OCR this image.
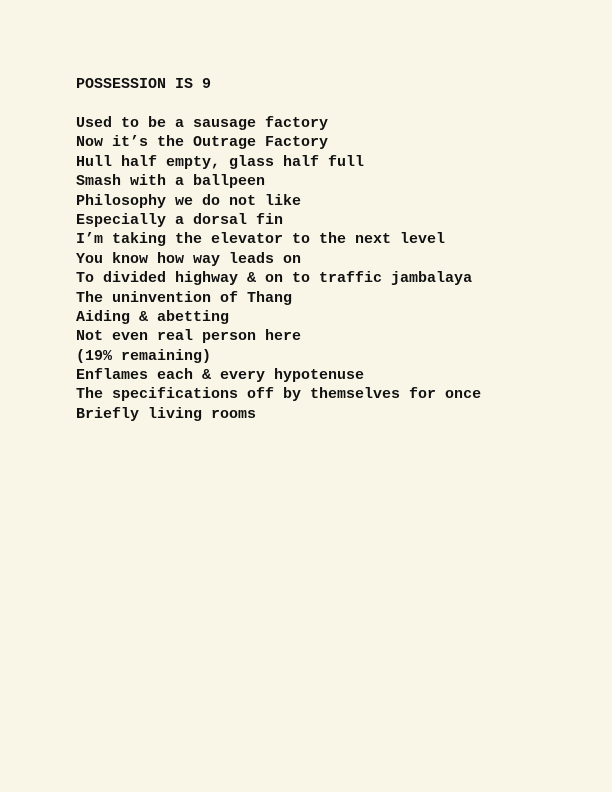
POSSESSION IS 9
Used to be a sausage factory
Now it’s the Outrage Factory
Hull half empty, glass half full
Smash with a ballpeen
Philosophy we do not like
Especially a dorsal fin
I’m taking the elevator to the next level
You know how way leads on
To divided highway & on to traffic jambalaya
The uninvention of Thang
Aiding & abetting
Not even real person here
(19% remaining)
Enflames each & every hypotenuse
The specifications off by themselves for once
Briefly living rooms
